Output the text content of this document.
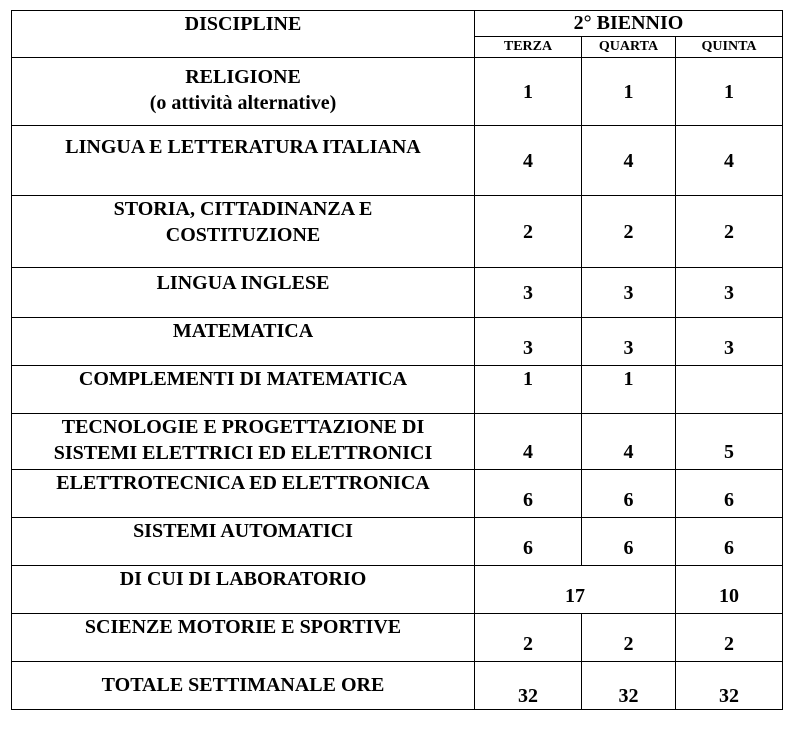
DISCIPLINE	2° BIENNIO		
	TERZA	QUARTA	QUINTA
RELIGIONE
(o attività alternative)	1	1	1
LINGUA E LETTERATURA ITALIANA	4	4	4
STORIA, CITTADINANZA E
COSTITUZIONE	2	2	2
LINGUA INGLESE	3	3	3
MATEMATICA	3	3	3
COMPLEMENTI DI MATEMATICA	1	1	
TECNOLOGIE E PROGETTAZIONE DI
SISTEMI ELETTRICI ED ELETTRONICI	4	4	5
ELETTROTECNICA ED ELETTRONICA	6	6	6
SISTEMI AUTOMATICI	6	6	6
DI CUI DI LABORATORIO	17		10
SCIENZE MOTORIE E SPORTIVE	2	2	2
TOTALE SETTIMANALE ORE	32	32	32
